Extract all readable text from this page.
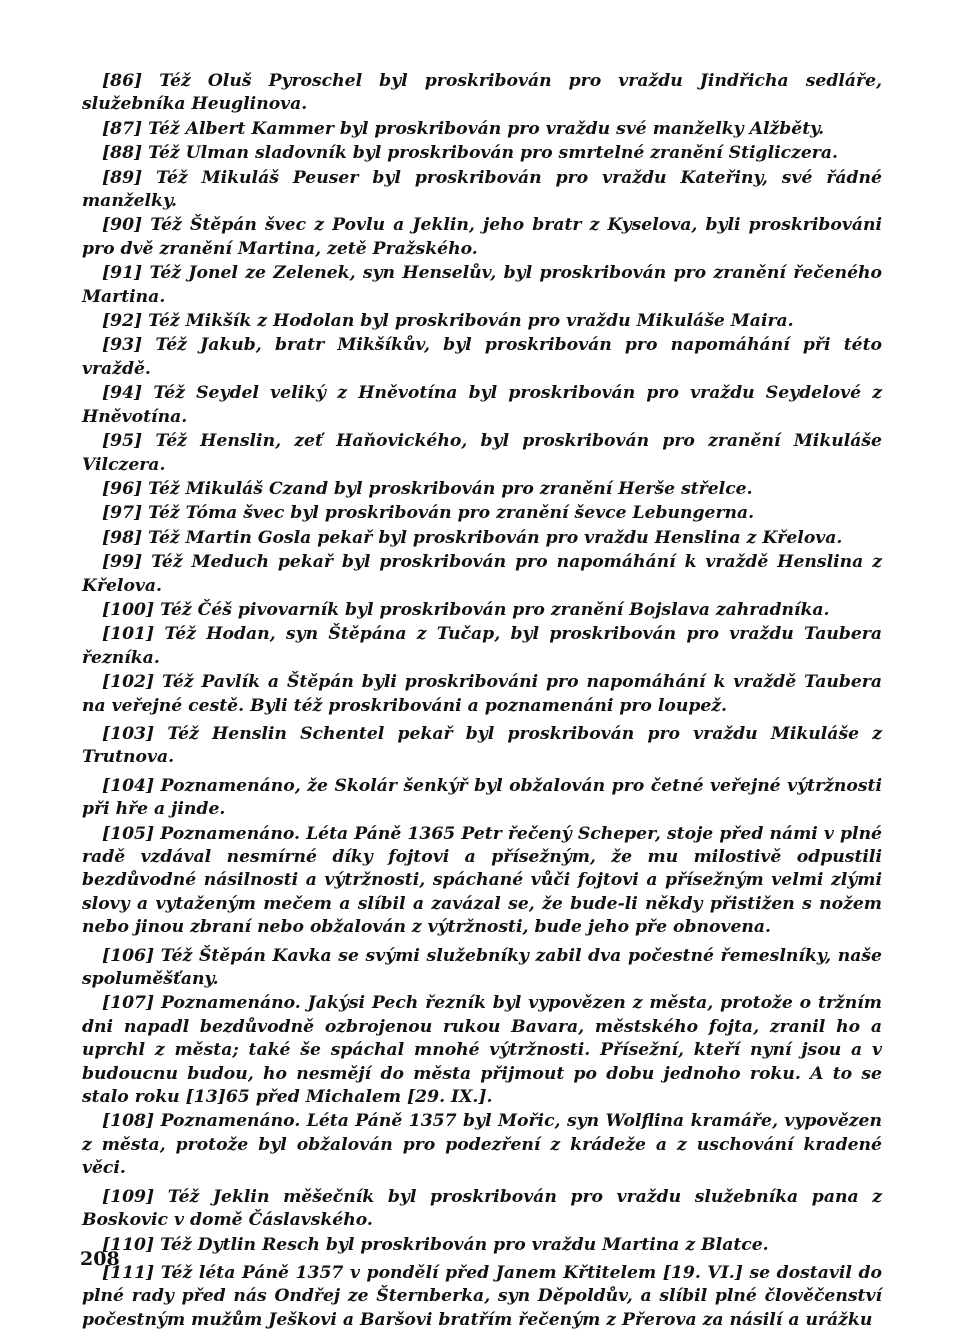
[86] Též Oluš Pyroschel byl proskribován pro vraždu Jindřicha sedláře, služebníka Heuglinova.

[87] Též Albert Kammer byl proskribován pro vraždu své manželky Alžběty.

[88] Též Ulman sladovník byl proskribován pro smrtelné zranění Stigliczera.

[89] Též Mikuláš Peuser byl proskribován pro vraždu Kateřiny, své řádné manželky.

[90] Též Štěpán švec z Povlu a Jeklin, jeho bratr z Kyselova, byli proskribováni pro dvě zranění Martina, zetě Pražského.

[91] Též Jonel ze Zelenek, syn Henselův, byl proskribován pro zranění řečeného Martina.

[92] Též Mikšík z Hodolan byl proskribován pro vraždu Mikuláše Maira.

[93] Též Jakub, bratr Mikšíkův, byl proskribován pro napomáhání při této vraždě.

[94] Též Seydel veliký z Hněvotína byl proskribován pro vraždu Seydelové z Hněvotína.

[95] Též Henslin, zeť Haňovického, byl proskribován pro zranění Mikuláše Vilczera.

[96] Též Mikuláš Czand byl proskribován pro zranění Herše střelce.

[97] Též Tóma švec byl proskribován pro zranění ševce Lebungerna.

[98] Též Martin Gosla pekař byl proskribován pro vraždu Henslina z Křelova.

[99] Též Meduch pekař byl proskribován pro napomáhání k vraždě Henslina z Křelova.

[100] Též Čéš pivovarník byl proskribován pro zranění Bojslava zahradníka.

[101] Též Hodan, syn Štěpána z Tučap, byl proskribován pro vraždu Taubera řezníka.

[102] Též Pavlík a Štěpán byli proskribováni pro napomáhání k vraždě Taubera na veřejné cestě. Byli též proskribováni a poznamenáni pro loupež.

[103] Též Henslin Schentel pekař byl proskribován pro vraždu Mikuláše z Trutnova.

[104] Poznamenáno, že Skolár šenkýř byl obžalován pro četné veřejné výtržnosti při hře a jinde.

[105] Poznamenáno. Léta Páně 1365 Petr řečený Scheper, stoje před námi v plné radě vzdával nesmírné díky fojtovi a přísežným, že mu milostivě odpustili bezdůvodné násilnosti a výtržnosti, spáchané vůči fojtovi a přísežným velmi zlými slovy a vytaženým mečem a slíbil a zavázal se, že bude-li někdy přistižen s nožem nebo jinou zbraní nebo obžalován z výtržnosti, bude jeho pře obnovena.

[106] Též Štěpán Kavka se svými služebníky zabil dva počestné řemeslníky, naše spoluměšťany.

[107] Poznamenáno. Jakýsi Pech řezník byl vypovězen z města, protože o tržním dni napadl bezdůvodně ozbrojenou rukou Bavara, městského fojta, zranil ho a uprchl z města; také še spáchal mnohé výtržnosti. Přísežní, kteří nyní jsou a v budoucnu budou, ho nesmějí do města přijmout po dobu jednoho roku. A to se stalo roku [13]65 před Michalem [29. IX.].

[108] Poznamenáno. Léta Páně 1357 byl Mořic, syn Wolflina kramáře, vypovězen z města, protože byl obžalován pro podezření z krádeže a z uschování kradené věci.

[109] Též Jeklin měšečník byl proskribován pro vraždu služebníka pana z Boskovic v domě Čáslavského.

[110] Též Dytlin Resch byl proskribován pro vraždu Martina z Blatce.

[111] Též léta Páně 1357 v pondělí před Janem Křtitelem [19. VI.] se dostavil do plné rady před nás Ondřej ze Šternberka, syn Děpoldův, a slíbil plné člověčenství počestným mužům Ješkovi a Baršovi bratřím řečeným z Přerova za násilí a urážku

208
